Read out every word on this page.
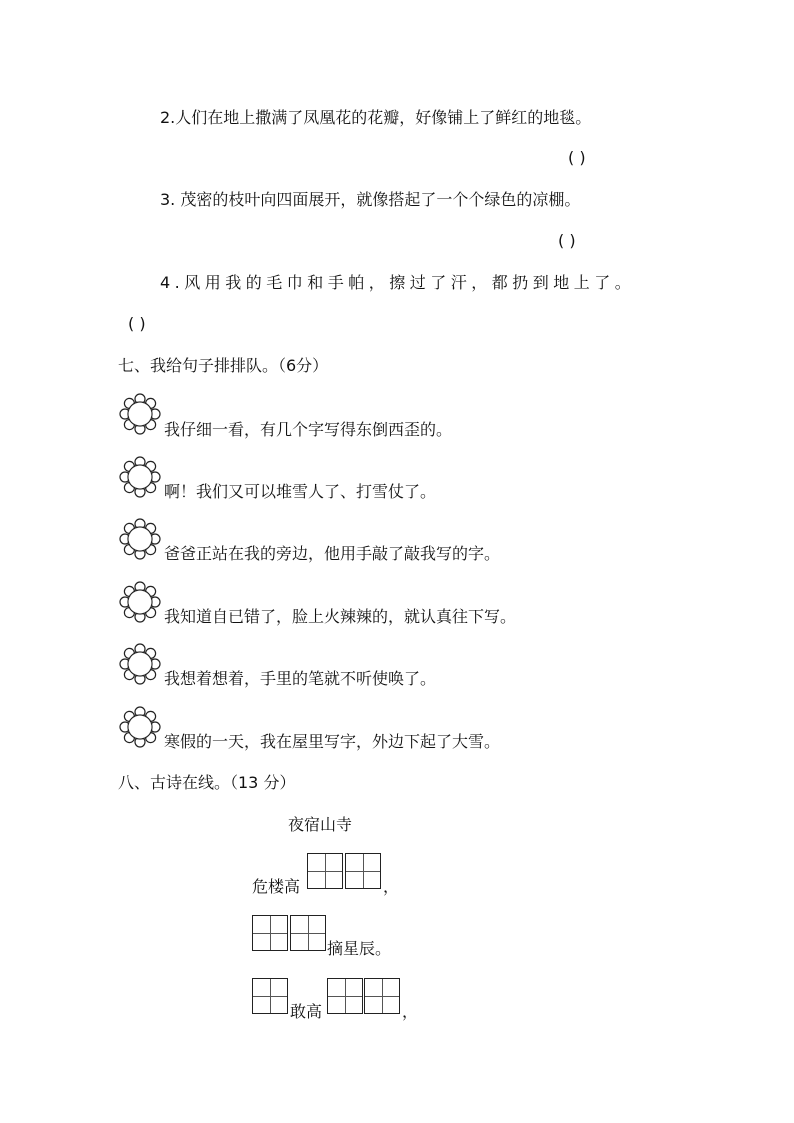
2.人们在地上撒满了凤凰花的花瓣，好像铺上了鲜红的地毯。
( )
3. 茂密的枝叶向四面展开，就像搭起了一个个绿色的凉棚。
( )
4.风用我的毛巾和手帕，擦过了汗，都扔到地上了。
( )
七、我给句子排排队。（6分）
我仔细一看，有几个字写得东倒西歪的。
啊！我们又可以堆雪人了、打雪仗了。
爸爸正站在我的旁边，他用手敲了敲我写的字。
我知道自已错了，脸上火辣辣的，就认真往下写。
我想着想着，手里的笔就不听使唤了。
寒假的一天，我在屋里写字，外边下起了大雪。
八、古诗在线。（13 分）
夜宿山寺
危楼高	，
摘星辰。
敢高	，
